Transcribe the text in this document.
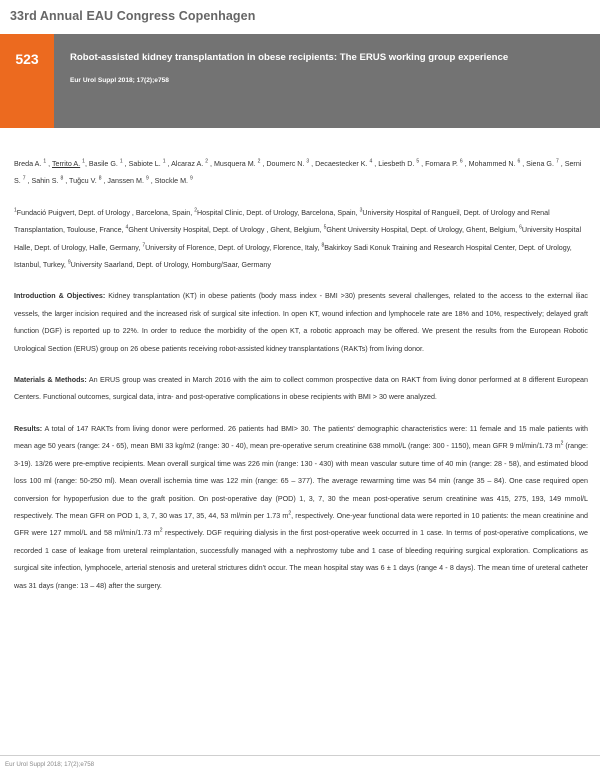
33rd Annual EAU Congress Copenhagen
523	Robot-assisted kidney transplantation in obese recipients: The ERUS working group experience
Eur Urol Suppl 2018; 17(2);e758
Breda A. $^1$ , Territo A. $^1$, Basile G. $^1$ , Sabiote L. $^1$ , Alcaraz A. $^2$ , Musquera M. $^2$ , Doumerc N. $^3$ , Decaestecker K. $^4$ , Liesbeth D. $^5$ , Fornara P. $^6$ , Mohammed N. $^6$ , Siena G. $^7$ , Serni S. $^7$ , Sahin S. $^8$ , Tuğcu V. $^8$ , Janssen M. $^9$ , Stockle M. $^9$
$^1$Fundació Puigvert, Dept. of Urology , Barcelona, Spain, $^2$Hospital Clinic, Dept. of Urology, Barcelona, Spain, $^3$University Hospital of Rangueil, Dept. of Urology and Renal Transplantation, Toulouse, France, $^4$Ghent University Hospital, Dept. of Urology , Ghent, Belgium, $^5$Ghent University Hospital, Dept. of Urology, Ghent, Belgium, $^6$University Hospital Halle, Dept. of Urology, Halle, Germany, $^7$University of Florence, Dept. of Urology, Florence, Italy, $^8$Bakirkoy Sadi Konuk Training and Research Hospital Center, Dept. of Urology, Istanbul, Turkey, $^9$University Saarland, Dept. of Urology, Homburg/Saar, Germany
Introduction & Objectives: Kidney transplantation (KT) in obese patients (body mass index - BMI >30) presents several challenges, related to the access to the external iliac vessels, the larger incision required and the increased risk of surgical site infection. In open KT, wound infection and lymphocele rate are 18% and 10%, respectively; delayed graft function (DGF) is reported up to 22%. In order to reduce the morbidity of the open KT, a robotic approach may be offered. We present the results from the European Robotic Urological Section (ERUS) group on 26 obese patients receiving robot-assisted kidney transplantations (RAKTs) from living donor.
Materials & Methods: An ERUS group was created in March 2016 with the aim to collect common prospective data on RAKT from living donor performed at 8 different European Centers. Functional outcomes, surgical data, intra- and post-operative complications in obese recipients with BMI > 30 were analyzed.
Results: A total of 147 RAKTs from living donor were performed. 26 patients had BMI> 30. The patients' demographic characteristics were: 11 female and 15 male patients with mean age 50 years (range: 24 - 65), mean BMI 33 kg/m2 (range: 30 - 40), mean pre-operative serum creatinine 638 mmol/L (range: 300 - 1150), mean GFR 9 ml/min/1.73 $m^2$ (range: 3-19). 13/26 were pre-emptive recipients. Mean overall surgical time was 226 min (range: 130 - 430) with mean vascular suture time of 40 min (range: 28 - 58), and estimated blood loss 100 ml (range: 50-250 ml). Mean overall ischemia time was 122 min (range: 65 – 377). The average rewarming time was 54 min (range 35 – 84). One case required open conversion for hypoperfusion due to the graft position. On post-operative day (POD) 1, 3, 7, 30 the mean post-operative serum creatinine was 415, 275, 193, 149 mmol/L respectively. The mean GFR on POD 1, 3, 7, 30 was 17, 35, 44, 53 ml/min per 1.73 $m^2$, respectively. One-year functional data were reported in 10 patients: the mean creatinine and GFR were 127 mmol/L and 58 ml/min/1.73 $m^2$ respectively. DGF requiring dialysis in the first post-operative week occurred in 1 case. In terms of post-operative complications, we recorded 1 case of leakage from ureteral reimplantation, successfully managed with a nephrostomy tube and 1 case of bleeding requiring surgical exploration. Complications as surgical site infection, lymphocele, arterial stenosis and ureteral strictures didn't occur. The mean hospital stay was 6 ± 1 days (range 4 - 8 days). The mean time of ureteral catheter was 31 days (range: 13 – 48) after the surgery.
Eur Urol Suppl 2018; 17(2);e758
